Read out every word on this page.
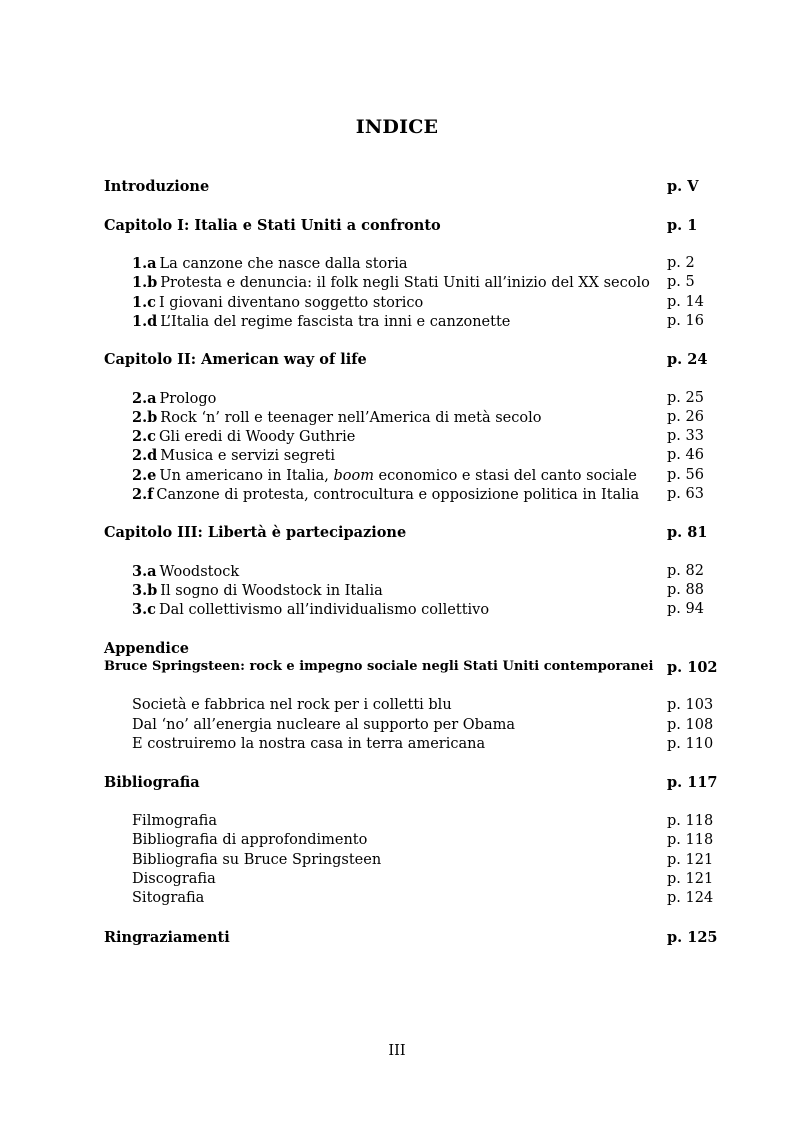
INDICE
Introduzione	p. V
Capitolo I: Italia e Stati Uniti a confronto	p. 1
1.a La canzone che nasce dalla storia	p. 2
1.b Protesta e denuncia: il folk negli Stati Uniti all’inizio del XX secolo p. 5
1.c I giovani diventano soggetto storico	p. 14
1.d L’Italia del regime fascista tra inni e canzonette	p. 16
Capitolo II: American way of life	p. 24
2.a Prologo	p. 25
2.b Rock ‘n’ roll e teenager nell’America di metà secolo	p. 26
2.c Gli eredi di Woody Guthrie	p. 33
2.d Musica e servizi segreti	p. 46
2.e Un americano in Italia, boom economico e stasi del canto sociale p. 56
2.f Canzone di protesta, controcultura e opposizione politica in Italia p. 63
Capitolo III: Libertà è partecipazione	p. 81
3.a Woodstock	p. 82
3.b Il sogno di Woodstock in Italia	p. 88
3.c Dal collettivismo all’individualismo collettivo	p. 94
Appendice
Bruce Springsteen: rock e impegno sociale negli Stati Uniti contemporanei p. 102
Società e fabbrica nel rock per i colletti blu	p. 103
Dal ‘no’ all’energia nucleare al supporto per Obama	p. 108
E costruiremo la nostra casa in terra americana	p. 110
Bibliografia	p. 117
Filmografia	p. 118
Bibliografia di approfondimento	p. 118
Bibliografia su Bruce Springsteen	p. 121
Discografia	p. 121
Sitografia	p. 124
Ringraziamenti	p. 125
III
